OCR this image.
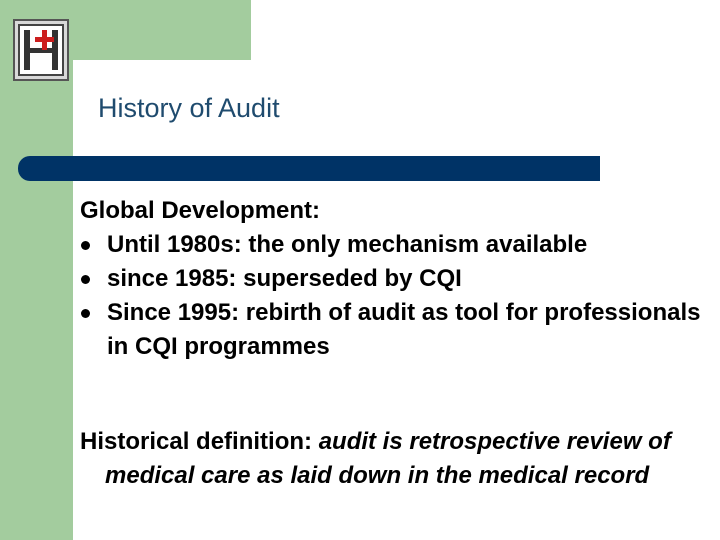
History of Audit
Global Development:
Until 1980s: the only mechanism available
since 1985: superseded by CQI
Since 1995: rebirth of audit as tool for professionals in CQI programmes
Historical definition: audit is retrospective review of medical care as laid down in the medical record
